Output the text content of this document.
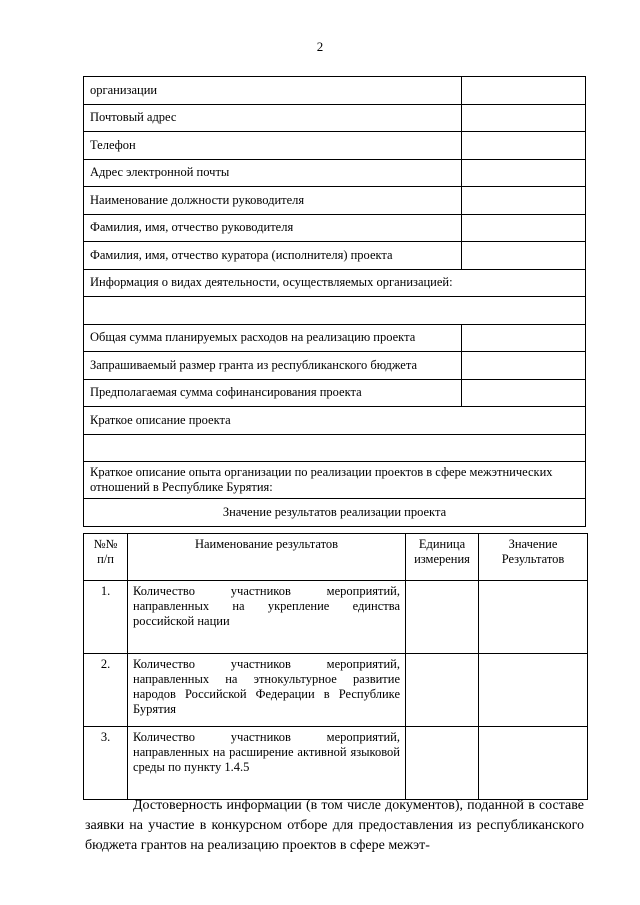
2
организации	
Почтовый адрес	
Телефон	
Адрес электронной почты	
Наименование должности руководителя	
Фамилия, имя, отчество руководителя	
Фамилия, имя, отчество куратора (исполнителя) проекта	
Информация о видах деятельности, осуществляемых организацией:	

Общая сумма планируемых расходов на реализацию проекта	
Запрашиваемый размер гранта из республиканского бюджета	
Предполагаемая сумма софинансирования проекта	
Краткое описание проекта	

Краткое описание опыта организации по реализации проектов в сфере межэтнических отношений в Республике Бурятия:	
Значение результатов реализации проекта	
№№ п/п	Наименование результатов	Единица измерения	Значение Результатов
1.	Количество участников мероприятий, направленных на укрепление единства российской нации		
2.	Количество участников мероприятий, направленных на этнокультурное развитие народов Российской Федерации в Республике Бурятия		
3.	Количество участников мероприятий, направленных на расширение активной языковой среды по пункту 1.4.5		
Достоверность информации (в том числе документов), поданной в составе заявки на участие в конкурсном отборе для предоставления из республиканского бюджета грантов на реализацию проектов в сфере межэт-
